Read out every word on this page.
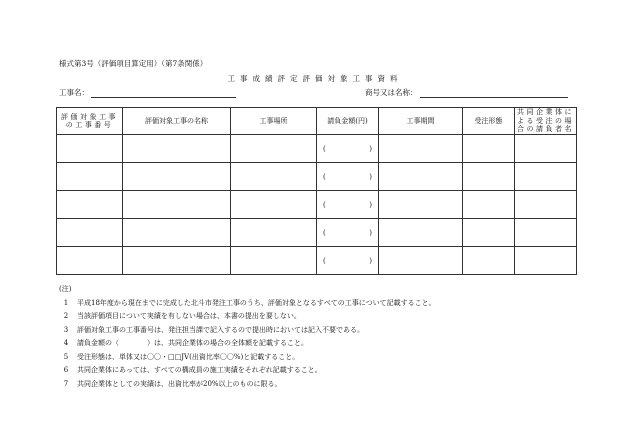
様式第3号（評価項目算定用）（第7条関係）
工事成績評定評価対象工事資料
工事名：	商号又は名称：
評価対象工事の工事番号	評価対象工事の名称	工事場所	請負金額(円)	工事期間	受注形態	共同企業体による受注の場合の請負者名

			( )			

			( )			

			( )			

			( )			

			( )			

(注)
1	平成18年度から現在までに完成した北斗市発注工事のうち、評価対象となるすべての工事について記載すること。
2	当該評価項目について実績を有しない場合は、本書の提出を要しない。
3	評価対象工事の工事番号は、発注担当課で記入するので提出時においては記入不要である。
4	請負金額の（　　　　）は、共同企業体の場合の全体額を記載すること。
5	受注形態は、単体又は〇〇・□□JV(出資比率〇〇%)と記載すること。
6	共同企業体にあっては、すべての構成員の施工実績をそれぞれ記載すること。
7	共同企業体としての実績は、出資比率が20%以上のものに限る。
